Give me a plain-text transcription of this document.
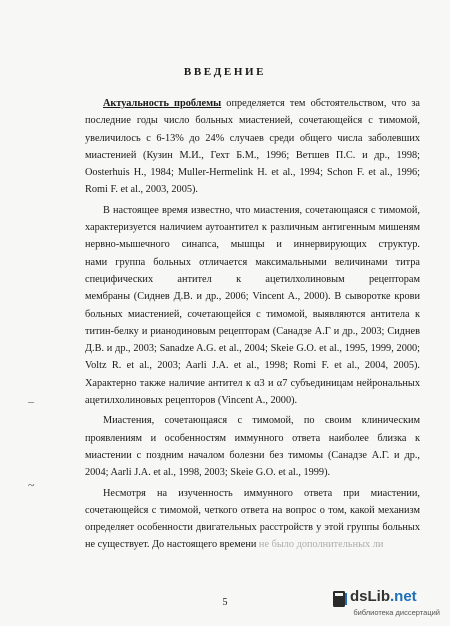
ВВЕДЕНИЕ
Актуальность проблемы определяется тем обстоятельством, что за
последние годы число больных миастенией, сочетающейся с тимомой,
увеличилось с 6-13% до 24% случаев среди общего числа заболевших
миастенией (Кузин М.И., Гехт Б.М., 1996; Ветшев П.С. и др., 1998;
Oosterhuis H., 1984; Muller-Hermelink H. et al., 1994; Schon F. et al., 1996;
Romi F. et al., 2003, 2005).
В настоящее время известно, что миастения, сочетающаяся с тимомой,
характеризуется наличием аутоантител к различным антигенным мишеням
нервно-мышечного синапса, мышцы и иннервирующих структур.
нами группа больных отличается максимальными величинами титра
специфических антител к ацетилхолиновым рецепторам
мембраны (Сиднев Д.В. и др., 2006; Vincent A., 2000). В сыворотке крови
больных миастенией, сочетающейся с тимомой, выявляются антитела к
титин-белку и рианодиновым рецепторам (Санадзе А.Г и др., 2003; Сиднев
Д.В. и др., 2003; Sanadze A.G. et al., 2004; Skeie G.O. et al., 1995, 1999, 2000;
Voltz R. et al., 2003; Aarli J.A. et al., 1998; Romi F. et al., 2004, 2005).
Характерно также наличие антител к α3 и α7 субъединицам нейрональных
ацетилхолиновых рецепторов (Vincent A., 2000).
Миастения, сочетающаяся с тимомой, по своим клиническим
проявлениям и особенностям иммунного ответа наиболее близка к
миастении с поздним началом болезни без тимомы (Санадзе А.Г. и др.,
2004; Aarli J.A. et al., 1998, 2003; Skeie G.O. et al., 1999).
Несмотря на изученность иммунного ответа при миастении,
сочетающейся с тимомой, четкого ответа на вопрос о том, какой механизм
определяет особенности двигательных расстройств у этой группы больных
не существует. До настоящего времени не было дополнительных ли
–
~
5	dsLib.net
библиотека диссертаций
